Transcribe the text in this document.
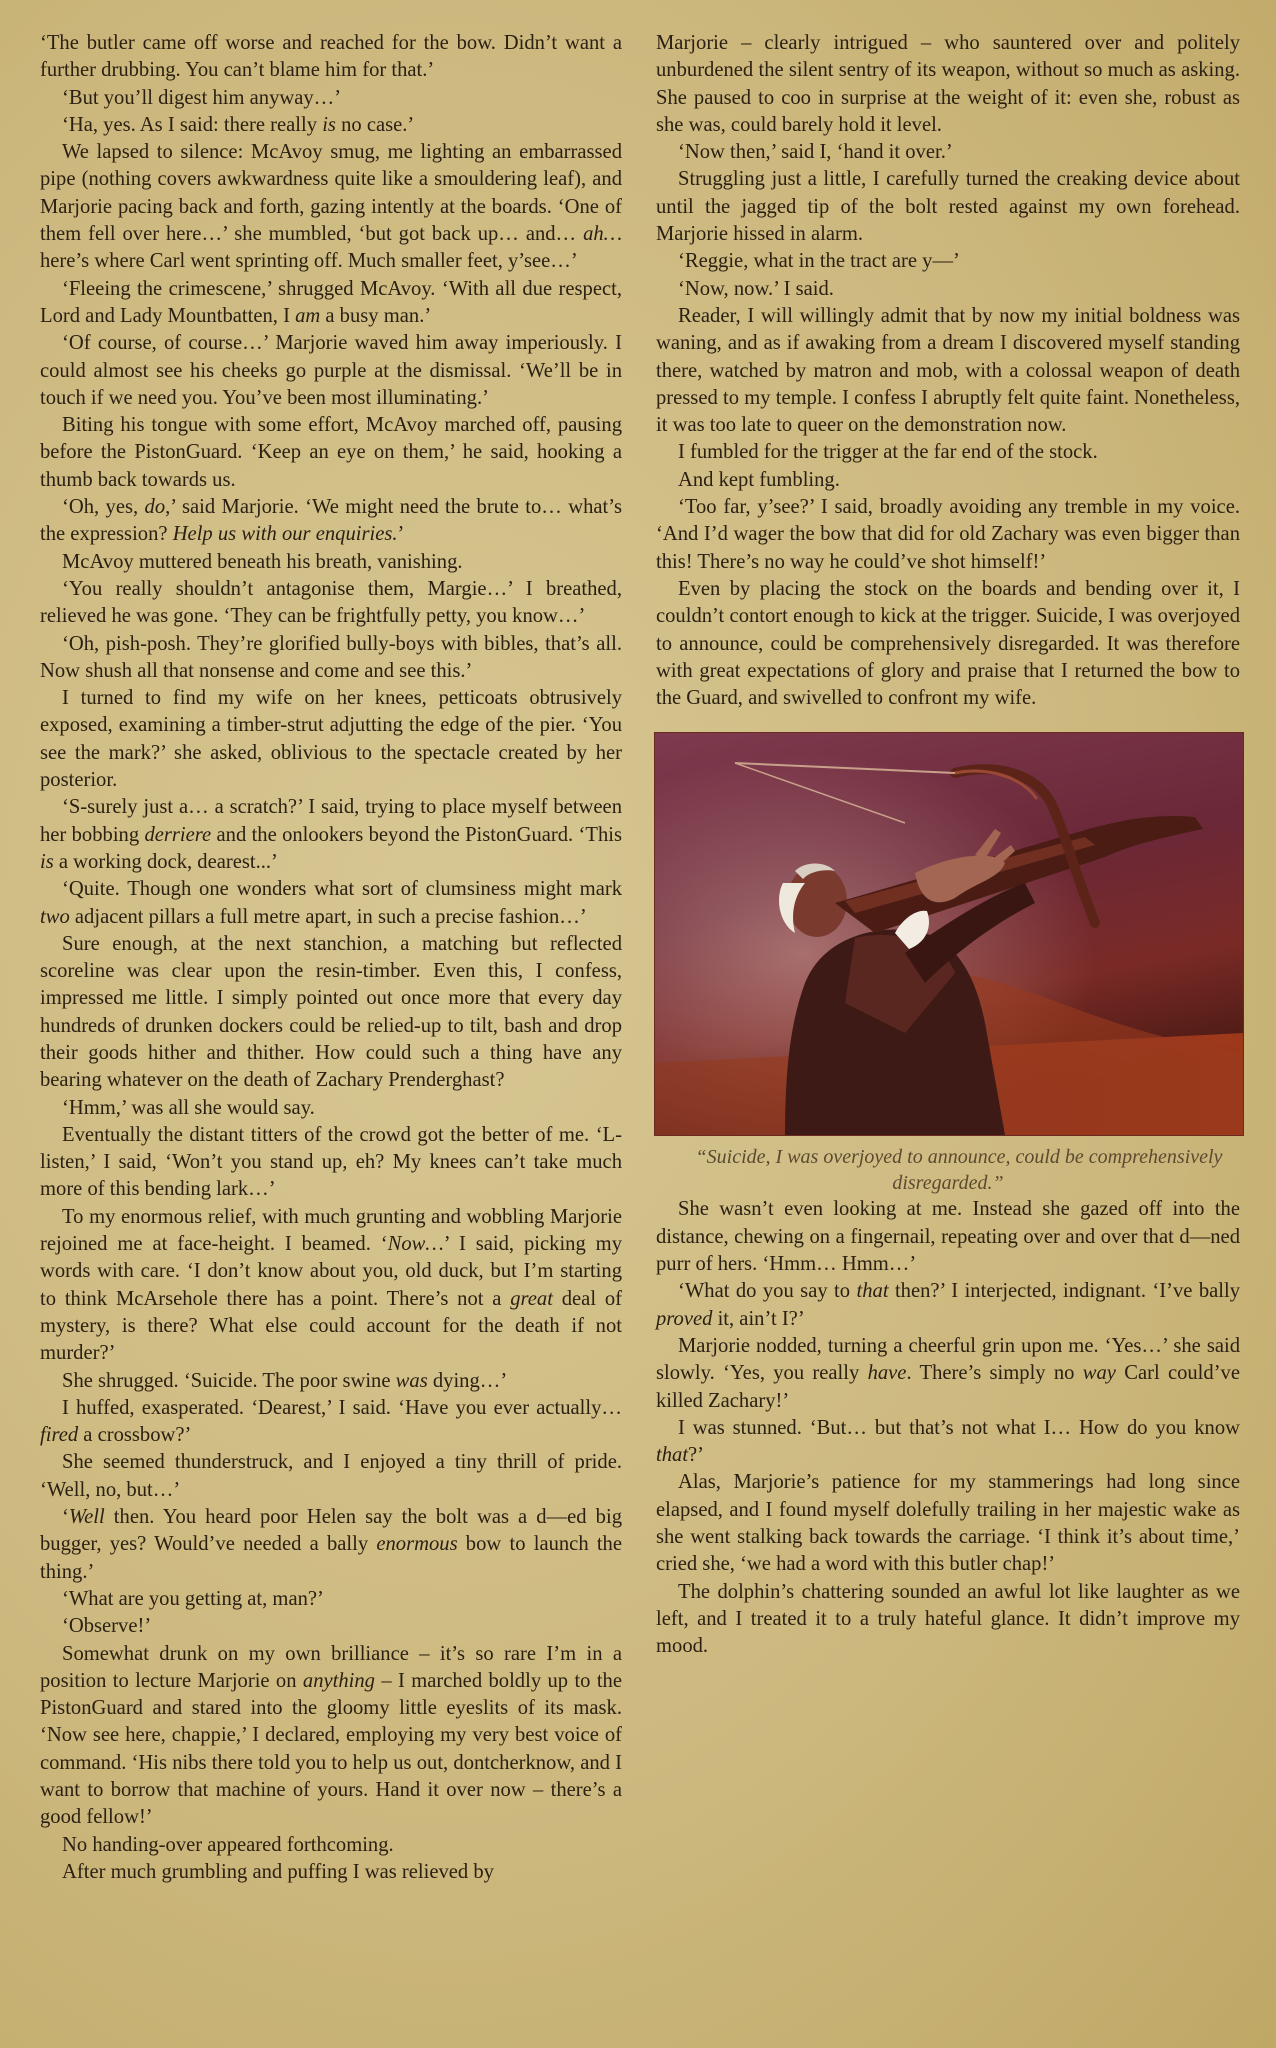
‘The butler came off worse and reached for the bow. Didn’t want a further drubbing. You can’t blame him for that.’

‘But you’ll digest him anyway…’

‘Ha, yes. As I said: there really is no case.’

We lapsed to silence: McAvoy smug, me lighting an embarrassed pipe (nothing covers awkwardness quite like a smouldering leaf), and Marjorie pacing back and forth, gazing intently at the boards. ‘One of them fell over here…’ she mumbled, ‘but got back up… and… ah… here’s where Carl went sprinting off. Much smaller feet, y’see…’

‘Fleeing the crimescene,’ shrugged McAvoy. ‘With all due respect, Lord and Lady Mountbatten, I am a busy man.’

‘Of course, of course…’ Marjorie waved him away imperiously. I could almost see his cheeks go purple at the dismissal. ‘We’ll be in touch if we need you. You’ve been most illuminating.’

Biting his tongue with some effort, McAvoy marched off, pausing before the PistonGuard. ‘Keep an eye on them,’ he said, hooking a thumb back towards us.

‘Oh, yes, do,’ said Marjorie. ‘We might need the brute to… what’s the expression? Help us with our enquiries.’

McAvoy muttered beneath his breath, vanishing.

‘You really shouldn’t antagonise them, Margie…’ I breathed, relieved he was gone. ‘They can be frightfully petty, you know…’

‘Oh, pish-posh. They’re glorified bully-boys with bibles, that’s all. Now shush all that nonsense and come and see this.’

I turned to find my wife on her knees, petticoats obtrusively exposed, examining a timber-strut adjutting the edge of the pier. ‘You see the mark?’ she asked, oblivious to the spectacle created by her posterior.

‘S-surely just a… a scratch?’ I said, trying to place myself between her bobbing derriere and the onlookers beyond the PistonGuard. ‘This is a working dock, dearest...’

‘Quite. Though one wonders what sort of clumsiness might mark two adjacent pillars a full metre apart, in such a precise fashion…’

Sure enough, at the next stanchion, a matching but reflected scoreline was clear upon the resin-timber. Even this, I confess, impressed me little. I simply pointed out once more that every day hundreds of drunken dockers could be relied-up to tilt, bash and drop their goods hither and thither. How could such a thing have any bearing whatever on the death of Zachary Prenderghast?

‘Hmm,’ was all she would say.

Eventually the distant titters of the crowd got the better of me. ‘L-listen,’ I said, ‘Won’t you stand up, eh? My knees can’t take much more of this bending lark…’

To my enormous relief, with much grunting and wobbling Marjorie rejoined me at face-height. I beamed. ‘Now…’ I said, picking my words with care. ‘I don’t know about you, old duck, but I’m starting to think McArsehole there has a point. There’s not a great deal of mystery, is there? What else could account for the death if not murder?’

She shrugged. ‘Suicide. The poor swine was dying…’

I huffed, exasperated. ‘Dearest,’ I said. ‘Have you ever actually… fired a crossbow?’

She seemed thunderstruck, and I enjoyed a tiny thrill of pride. ‘Well, no, but…’

‘Well then. You heard poor Helen say the bolt was a d—ed big bugger, yes? Would’ve needed a bally enormous bow to launch the thing.’

‘What are you getting at, man?’

‘Observe!’

Somewhat drunk on my own brilliance – it’s so rare I’m in a position to lecture Marjorie on anything – I marched boldly up to the PistonGuard and stared into the gloomy little eyeslits of its mask. ‘Now see here, chappie,’ I declared, employing my very best voice of command. ‘His nibs there told you to help us out, dontcherknow, and I want to borrow that machine of yours. Hand it over now – there’s a good fellow!’

No handing-over appeared forthcoming.

After much grumbling and puffing I was relieved by

Marjorie – clearly intrigued – who sauntered over and politely unburdened the silent sentry of its weapon, without so much as asking. She paused to coo in surprise at the weight of it: even she, robust as she was, could barely hold it level.

‘Now then,’ said I, ‘hand it over.’

Struggling just a little, I carefully turned the creaking device about until the jagged tip of the bolt rested against my own forehead. Marjorie hissed in alarm.

‘Reggie, what in the tract are y—’

‘Now, now.’ I said.

Reader, I will willingly admit that by now my initial boldness was waning, and as if awaking from a dream I discovered myself standing there, watched by matron and mob, with a colossal weapon of death pressed to my temple. I confess I abruptly felt quite faint. Nonetheless, it was too late to queer on the demonstration now.

I fumbled for the trigger at the far end of the stock.

And kept fumbling.

‘Too far, y’see?’ I said, broadly avoiding any tremble in my voice. ‘And I’d wager the bow that did for old Zachary was even bigger than this! There’s no way he could’ve shot himself!’

Even by placing the stock on the boards and bending over it, I couldn’t contort enough to kick at the trigger. Suicide, I was overjoyed to announce, could be comprehensively disregarded. It was therefore with great expectations of glory and praise that I returned the bow to the Guard, and swivelled to confront my wife.

“Suicide, I was overjoyed to announce, could be comprehensively disregarded.”

She wasn’t even looking at me. Instead she gazed off into the distance, chewing on a fingernail, repeating over and over that d—ned purr of hers. ‘Hmm… Hmm…’

‘What do you say to that then?’ I interjected, indignant. ‘I’ve bally proved it, ain’t I?’

Marjorie nodded, turning a cheerful grin upon me. ‘Yes…’ she said slowly. ‘Yes, you really have. There’s simply no way Carl could’ve killed Zachary!’

I was stunned. ‘But… but that’s not what I… How do you know that?’

Alas, Marjorie’s patience for my stammerings had long since elapsed, and I found myself dolefully trailing in her majestic wake as she went stalking back towards the carriage. ‘I think it’s about time,’ cried she, ‘we had a word with this butler chap!’

The dolphin’s chattering sounded an awful lot like laughter as we left, and I treated it to a truly hateful glance. It didn’t improve my mood.
